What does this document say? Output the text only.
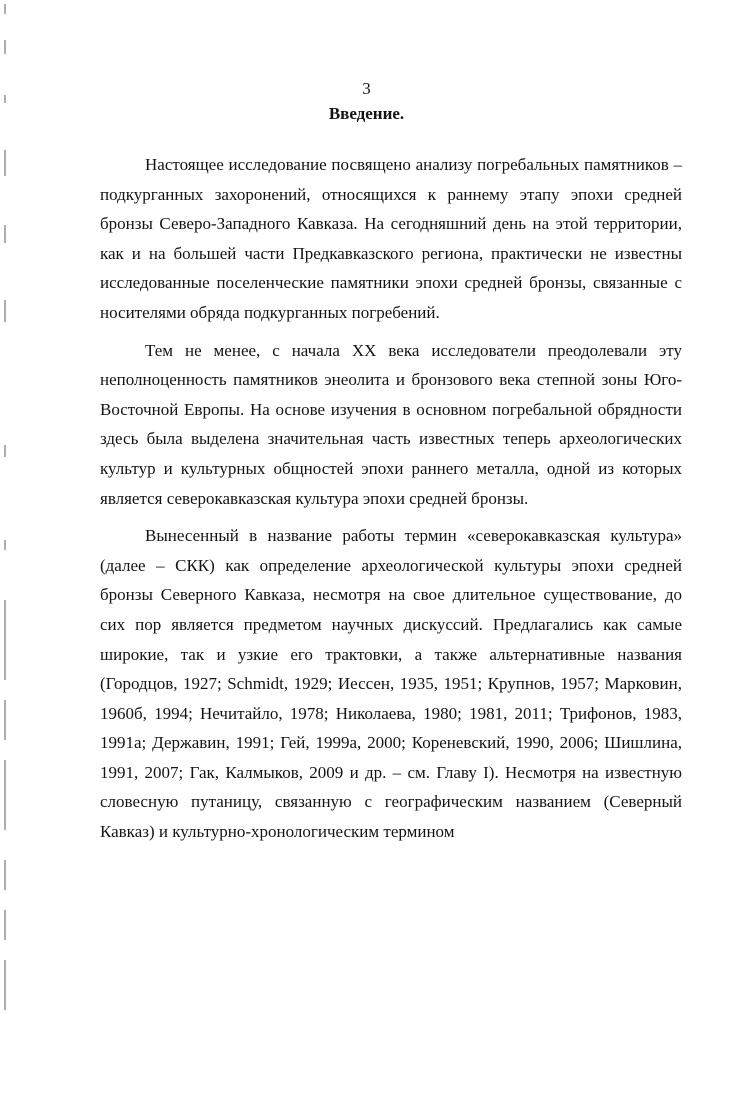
3
Введение.

Настоящее исследование посвящено анализу погребальных памятников – подкурганных захоронений, относящихся к раннему этапу эпохи средней бронзы Северо-Западного Кавказа. На сегодняшний день на этой территории, как и на большей части Предкавказского региона, практически не известны исследованные поселенческие памятники эпохи средней бронзы, связанные с носителями обряда подкурганных погребений.

Тем не менее, с начала XX века исследователи преодолевали эту неполноценность памятников энеолита и бронзового века степной зоны Юго-Восточной Европы. На основе изучения в основном погребальной обрядности здесь была выделена значительная часть известных теперь археологических культур и культурных общностей эпохи раннего металла, одной из которых является северокавказская культура эпохи средней бронзы.

Вынесенный в название работы термин «северокавказская культура» (далее – СКК) как определение археологической культуры эпохи средней бронзы Северного Кавказа, несмотря на свое длительное существование, до сих пор является предметом научных дискуссий. Предлагались как самые широкие, так и узкие его трактовки, а также альтернативные названия (Городцов, 1927; Schmidt, 1929; Иессен, 1935, 1951; Крупнов, 1957; Марковин, 1960б, 1994; Нечитайло, 1978; Николаева, 1980; 1981, 2011; Трифонов, 1983, 1991а; Державин, 1991; Гей, 1999а, 2000; Кореневский, 1990, 2006; Шишлина, 1991, 2007; Гак, Калмыков, 2009 и др. – см. Главу I). Несмотря на известную словесную путаницу, связанную с географическим названием (Северный Кавказ) и культурно-хронологическим термином
